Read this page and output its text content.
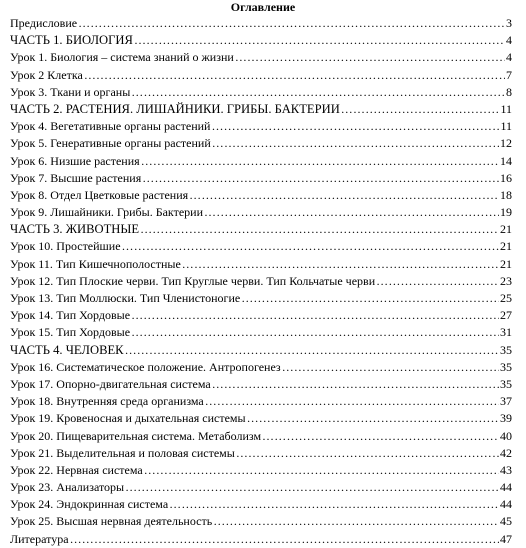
Оглавление
Предисловие ……………………………………………………………………………………………………………………………………………………………………………………………………………………………………	3
ЧАСТЬ 1. БИОЛОГИЯ ……………………………………………………………………………………………………………………………………………………………………………………………………………………………………	4
Урок 1. Биология – система знаний о жизни ……………………………………………………………………………………………………………………………………………………………………………………………………………………………………	4
Урок 2 Клетка ……………………………………………………………………………………………………………………………………………………………………………………………………………………………………	7
Урок 3. Ткани и органы ……………………………………………………………………………………………………………………………………………………………………………………………………………………………………	8
ЧАСТЬ 2. РАСТЕНИЯ. ЛИШАЙНИКИ. ГРИБЫ. БАКТЕРИИ ……………………………………………………………………………………………………………………………………………………………………………………………………………………………………	11
Урок 4. Вегетативные органы растений ……………………………………………………………………………………………………………………………………………………………………………………………………………………………………	11
Урок 5. Генеративные органы растений ……………………………………………………………………………………………………………………………………………………………………………………………………………………………………	12
Урок 6. Низшие растения ……………………………………………………………………………………………………………………………………………………………………………………………………………………………………	14
Урок 7. Высшие растения ……………………………………………………………………………………………………………………………………………………………………………………………………………………………………	16
Урок 8. Отдел Цветковые растения ……………………………………………………………………………………………………………………………………………………………………………………………………………………………………	18
Урок 9. Лишайники. Грибы. Бактерии ……………………………………………………………………………………………………………………………………………………………………………………………………………………………………	19
ЧАСТЬ 3. ЖИВОТНЫЕ ……………………………………………………………………………………………………………………………………………………………………………………………………………………………………	21
Урок 10. Простейшие ……………………………………………………………………………………………………………………………………………………………………………………………………………………………………	21
Урок 11. Тип Кишечнополостные ……………………………………………………………………………………………………………………………………………………………………………………………………………………………………	21
Урок 12. Тип Плоские черви. Тип Круглые черви. Тип Кольчатые черви ……………………………………………………………………………………………………………………………………………………………………………………………………………………………………	23
Урок 13. Тип Моллюски. Тип Членистоногие ……………………………………………………………………………………………………………………………………………………………………………………………………………………………………	25
Урок 14. Тип Хордовые ……………………………………………………………………………………………………………………………………………………………………………………………………………………………………	27
Урок 15. Тип Хордовые ……………………………………………………………………………………………………………………………………………………………………………………………………………………………………	31
ЧАСТЬ 4. ЧЕЛОВЕК ……………………………………………………………………………………………………………………………………………………………………………………………………………………………………	35
Урок 16. Систематическое положение. Антропогенез ……………………………………………………………………………………………………………………………………………………………………………………………………………………………………	35
Урок 17. Опорно-двигательная система ……………………………………………………………………………………………………………………………………………………………………………………………………………………………………	35
Урок 18. Внутренняя среда организма ……………………………………………………………………………………………………………………………………………………………………………………………………………………………………	37
Урок 19. Кровеносная и дыхательная системы ……………………………………………………………………………………………………………………………………………………………………………………………………………………………………	39
Урок 20. Пищеварительная система. Метаболизм ……………………………………………………………………………………………………………………………………………………………………………………………………………………………………	40
Урок 21. Выделительная и половая системы ……………………………………………………………………………………………………………………………………………………………………………………………………………………………………	42
Урок 22. Нервная система ……………………………………………………………………………………………………………………………………………………………………………………………………………………………………	43
Урок 23. Анализаторы ……………………………………………………………………………………………………………………………………………………………………………………………………………………………………	44
Урок 24. Эндокринная система ……………………………………………………………………………………………………………………………………………………………………………………………………………………………………	44
Урок 25. Высшая нервная деятельность ……………………………………………………………………………………………………………………………………………………………………………………………………………………………………	45
Литература ……………………………………………………………………………………………………………………………………………………………………………………………………………………………………	47
